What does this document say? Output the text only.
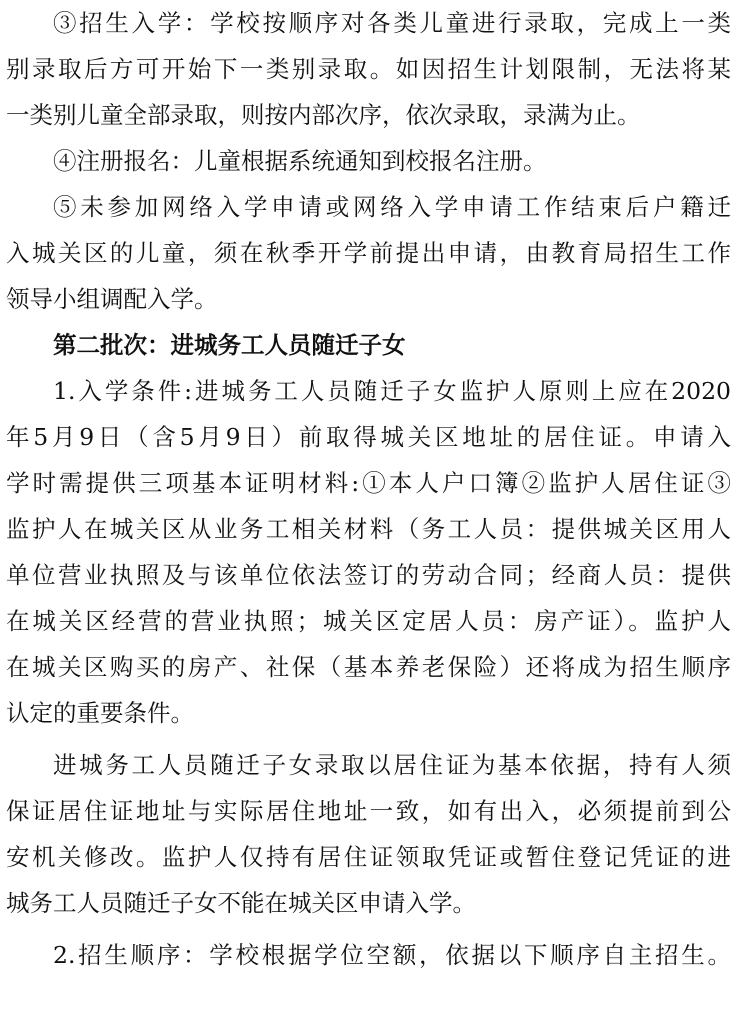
③招生入学：学校按顺序对各类儿童进行录取，完成上一类
别录取后方可开始下一类别录取。如因招生计划限制，无法将某
一类别儿童全部录取，则按内部次序，依次录取，录满为止。
④注册报名：儿童根据系统通知到校报名注册。
⑤未参加网络入学申请或网络入学申请工作结束后户籍迁
入城关区的儿童，须在秋季开学前提出申请，由教育局招生工作
领导小组调配入学。
第二批次：进城务工人员随迁子女
1.入学条件:进城务工人员随迁子女监护人原则上应在2020
年5月9日（含5月9日）前取得城关区地址的居住证。申请入
学时需提供三项基本证明材料:①本人户口簿②监护人居住证③
监护人在城关区从业务工相关材料（务工人员：提供城关区用人
单位营业执照及与该单位依法签订的劳动合同；经商人员：提供
在城关区经营的营业执照；城关区定居人员：房产证）。监护人
在城关区购买的房产、社保（基本养老保险）还将成为招生顺序
认定的重要条件。
进城务工人员随迁子女录取以居住证为基本依据，持有人须
保证居住证地址与实际居住地址一致，如有出入，必须提前到公
安机关修改。监护人仅持有居住证领取凭证或暂住登记凭证的进
城务工人员随迁子女不能在城关区申请入学。
2.招生顺序：学校根据学位空额，依据以下顺序自主招生。
